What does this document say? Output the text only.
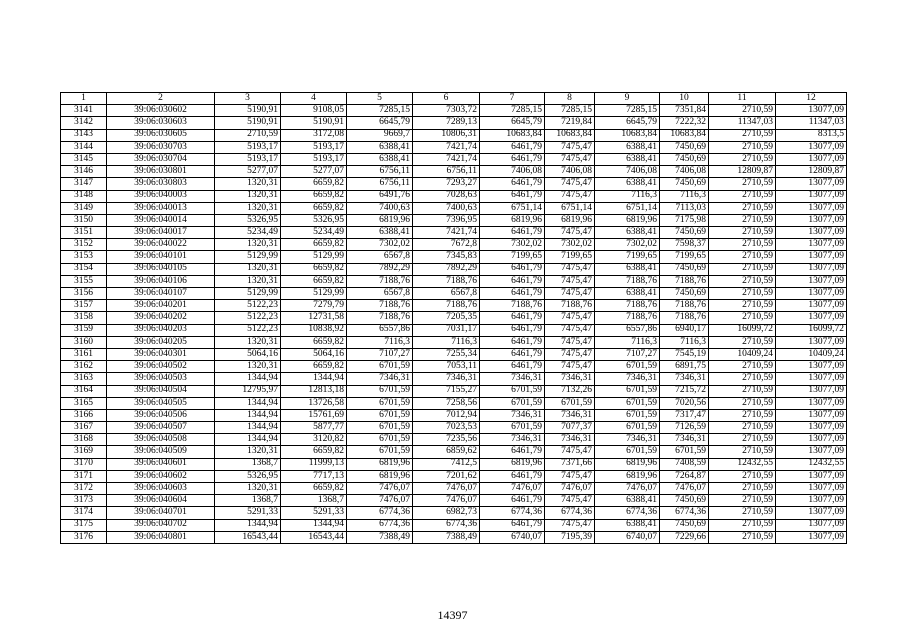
1	2	3	4	5	6	7	8	9	10	11	12
3141	39:06:030602	5190,91	9108,05	7285,15	7303,72	7285,15	7285,15	7285,15	7351,84	2710,59	13077,09
3142	39:06:030603	5190,91	5190,91	6645,79	7289,13	6645,79	7219,84	6645,79	7222,32	11347,03	11347,03
3143	39:06:030605	2710,59	3172,08	9669,7	10806,31	10683,84	10683,84	10683,84	10683,84	2710,59	8313,5
3144	39:06:030703	5193,17	5193,17	6388,41	7421,74	6461,79	7475,47	6388,41	7450,69	2710,59	13077,09
3145	39:06:030704	5193,17	5193,17	6388,41	7421,74	6461,79	7475,47	6388,41	7450,69	2710,59	13077,09
3146	39:06:030801	5277,07	5277,07	6756,11	6756,11	7406,08	7406,08	7406,08	7406,08	12809,87	12809,87
3147	39:06:030803	1320,31	6659,82	6756,11	7293,27	6461,79	7475,47	6388,41	7450,69	2710,59	13077,09
3148	39:06:040003	1320,31	6659,82	6491,76	7028,63	6461,79	7475,47	7116,3	7116,3	2710,59	13077,09
3149	39:06:040013	1320,31	6659,82	7400,63	7400,63	6751,14	6751,14	6751,14	7113,03	2710,59	13077,09
3150	39:06:040014	5326,95	5326,95	6819,96	7396,95	6819,96	6819,96	6819,96	7175,98	2710,59	13077,09
3151	39:06:040017	5234,49	5234,49	6388,41	7421,74	6461,79	7475,47	6388,41	7450,69	2710,59	13077,09
3152	39:06:040022	1320,31	6659,82	7302,02	7672,8	7302,02	7302,02	7302,02	7598,37	2710,59	13077,09
3153	39:06:040101	5129,99	5129,99	6567,8	7345,83	7199,65	7199,65	7199,65	7199,65	2710,59	13077,09
3154	39:06:040105	1320,31	6659,82	7892,29	7892,29	6461,79	7475,47	6388,41	7450,69	2710,59	13077,09
3155	39:06:040106	1320,31	6659,82	7188,76	7188,76	6461,79	7475,47	7188,76	7188,76	2710,59	13077,09
3156	39:06:040107	5129,99	5129,99	6567,8	6567,8	6461,79	7475,47	6388,41	7450,69	2710,59	13077,09
3157	39:06:040201	5122,23	7279,79	7188,76	7188,76	7188,76	7188,76	7188,76	7188,76	2710,59	13077,09
3158	39:06:040202	5122,23	12731,58	7188,76	7205,35	6461,79	7475,47	7188,76	7188,76	2710,59	13077,09
3159	39:06:040203	5122,23	10838,92	6557,86	7031,17	6461,79	7475,47	6557,86	6940,17	16099,72	16099,72
3160	39:06:040205	1320,31	6659,82	7116,3	7116,3	6461,79	7475,47	7116,3	7116,3	2710,59	13077,09
3161	39:06:040301	5064,16	5064,16	7107,27	7255,34	6461,79	7475,47	7107,27	7545,19	10409,24	10409,24
3162	39:06:040502	1320,31	6659,82	6701,59	7053,11	6461,79	7475,47	6701,59	6891,75	2710,59	13077,09
3163	39:06:040503	1344,94	1344,94	7346,31	7346,31	7346,31	7346,31	7346,31	7346,31	2710,59	13077,09
3164	39:06:040504	12795,97	12813,18	6701,59	7155,27	6701,59	7132,26	6701,59	7215,72	2710,59	13077,09
3165	39:06:040505	1344,94	13726,58	6701,59	7258,56	6701,59	6701,59	6701,59	7020,56	2710,59	13077,09
3166	39:06:040506	1344,94	15761,69	6701,59	7012,94	7346,31	7346,31	6701,59	7317,47	2710,59	13077,09
3167	39:06:040507	1344,94	5877,77	6701,59	7023,53	6701,59	7077,37	6701,59	7126,59	2710,59	13077,09
3168	39:06:040508	1344,94	3120,82	6701,59	7235,56	7346,31	7346,31	7346,31	7346,31	2710,59	13077,09
3169	39:06:040509	1320,31	6659,82	6701,59	6859,62	6461,79	7475,47	6701,59	6701,59	2710,59	13077,09
3170	39:06:040601	1368,7	11999,13	6819,96	7412,5	6819,96	7371,66	6819,96	7408,59	12432,55	12432,55
3171	39:06:040602	5326,95	7717,13	6819,96	7201,62	6461,79	7475,47	6819,96	7264,87	2710,59	13077,09
3172	39:06:040603	1320,31	6659,82	7476,07	7476,07	7476,07	7476,07	7476,07	7476,07	2710,59	13077,09
3173	39:06:040604	1368,7	1368,7	7476,07	7476,07	6461,79	7475,47	6388,41	7450,69	2710,59	13077,09
3174	39:06:040701	5291,33	5291,33	6774,36	6982,73	6774,36	6774,36	6774,36	6774,36	2710,59	13077,09
3175	39:06:040702	1344,94	1344,94	6774,36	6774,36	6461,79	7475,47	6388,41	7450,69	2710,59	13077,09
3176	39:06:040801	16543,44	16543,44	7388,49	7388,49	6740,07	7195,39	6740,07	7229,66	2710,59	13077,09
14397
